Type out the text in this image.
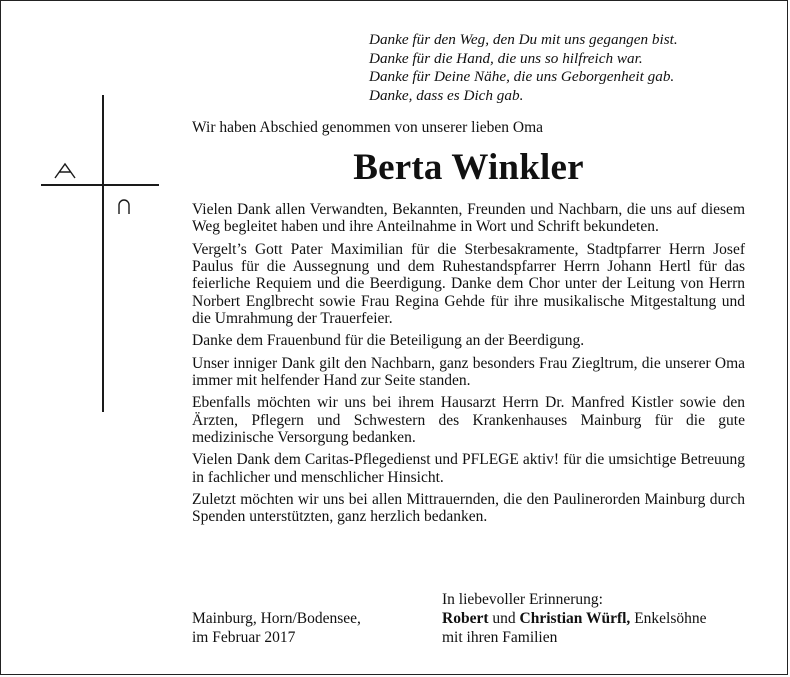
Danke für den Weg, den Du mit uns gegangen bist.
Danke für die Hand, die uns so hilfreich war.
Danke für Deine Nähe, die uns Geborgenheit gab.
Danke, dass es Dich gab.
Wir haben Abschied genommen von unserer lieben Oma
Berta Winkler

Vielen Dank allen Verwandten, Bekannten, Freunden und Nachbarn, die uns auf diesem Weg begleitet haben und ihre Anteilnahme in Wort und Schrift bekundeten.

Vergelt’s Gott Pater Maximilian für die Sterbesakramente, Stadtpfarrer Herrn Josef Paulus für die Aussegnung und dem Ruhestandspfarrer Herrn Johann Hertl für das feierliche Requiem und die Beerdigung. Danke dem Chor unter der Leitung von Herrn Norbert Englbrecht sowie Frau Regina Gehde für ihre musikalische Mitgestaltung und die Umrahmung der Trauerfeier.

Danke dem Frauenbund für die Beteiligung an der Beerdigung.

Unser inniger Dank gilt den Nachbarn, ganz besonders Frau Ziegltrum, die unserer Oma immer mit helfender Hand zur Seite standen.

Ebenfalls möchten wir uns bei ihrem Hausarzt Herrn Dr. Manfred Kistler sowie den Ärzten, Pflegern und Schwestern des Krankenhauses Mainburg für die gute medizinische Versorgung bedanken.

Vielen Dank dem Caritas-Pflegedienst und PFLEGE aktiv! für die umsichtige Betreuung in fachlicher und menschlicher Hinsicht.

Zuletzt möchten wir uns bei allen Mittrauernden, die den Paulinerorden Mainburg durch Spenden unterstützten, ganz herzlich bedanken.

In liebevoller Erinnerung:
Mainburg, Horn/Bodensee,
im Februar 2017
Robert und Christian Würfl, Enkelsöhne
mit ihren Familien
